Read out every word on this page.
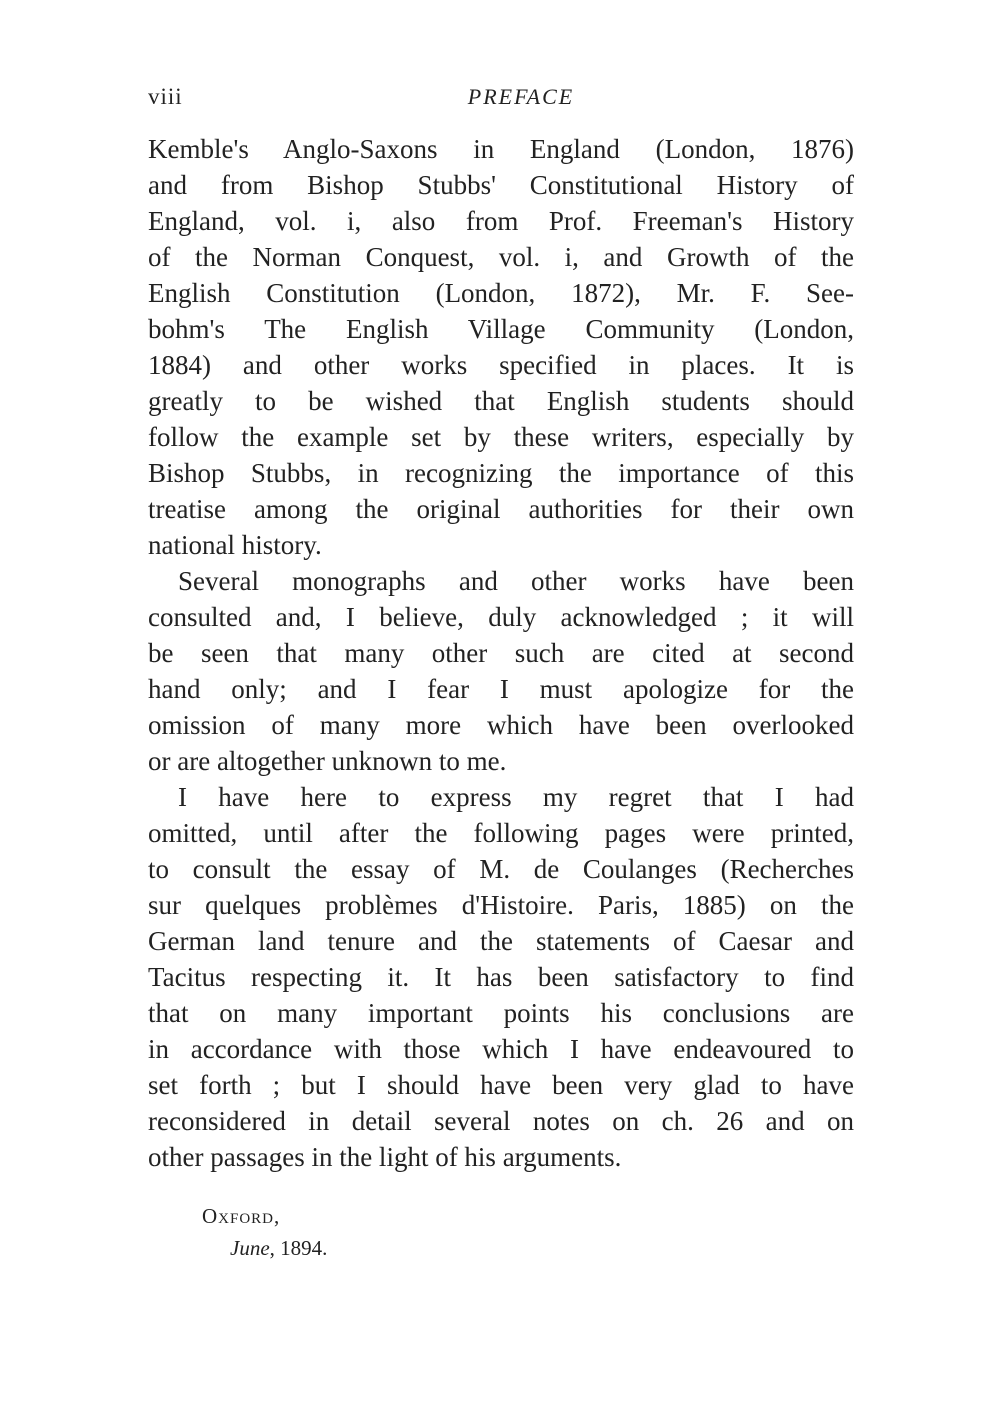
viii	PREFACE
Kemble's Anglo-Saxons in England (London, 1876)
and from Bishop Stubbs' Constitutional History of
England, vol. i, also from Prof. Freeman's History
of the Norman Conquest, vol. i, and Growth of the
English Constitution (London, 1872), Mr. F. See-
bohm's The English Village Community (London,
1884) and other works specified in places. It is
greatly to be wished that English students should
follow the example set by these writers, especially by
Bishop Stubbs, in recognizing the importance of this
treatise among the original authorities for their own
national history.
Several monographs and other works have been
consulted and, I believe, duly acknowledged ; it will
be seen that many other such are cited at second
hand only; and I fear I must apologize for the
omission of many more which have been overlooked
or are altogether unknown to me.
I have here to express my regret that I had
omitted, until after the following pages were printed,
to consult the essay of M. de Coulanges (Recherches
sur quelques problèmes d'Histoire. Paris, 1885) on the
German land tenure and the statements of Caesar and
Tacitus respecting it. It has been satisfactory to find
that on many important points his conclusions are
in accordance with those which I have endeavoured to
set forth ; but I should have been very glad to have
reconsidered in detail several notes on ch. 26 and on
other passages in the light of his arguments.
Oxford,
June, 1894.
